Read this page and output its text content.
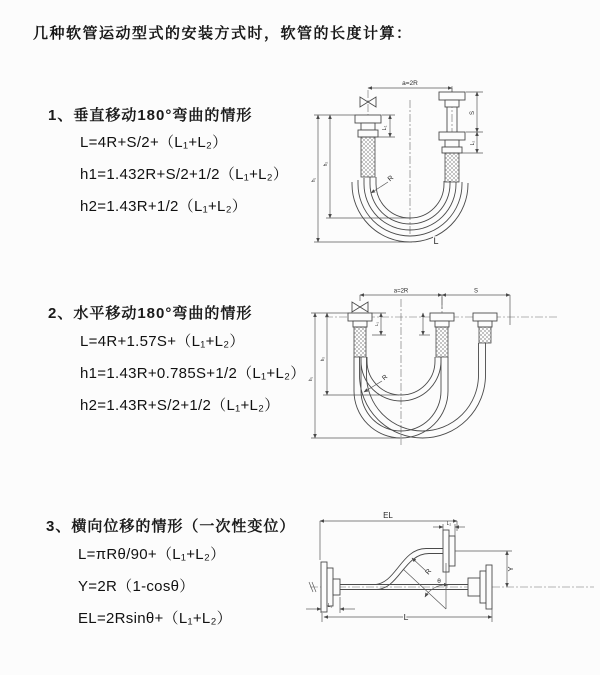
几种软管运动型式的安装方式时，软管的长度计算：
1、垂直移动180°弯曲的情形
L=4R+S/2+（L₁+L₂）
h1=1.432R+S/2+1/2（L₁+L₂）
h2=1.43R+1/2（L₁+L₂）
2、水平移动180°弯曲的情形
L=4R+1.57S+（L₁+L₂）
h1=1.43R+0.785S+1/2（L₁+L₂）
h2=1.43R+S/2+1/2（L₁+L₂）
3、横向位移的情形（一次性变位）
L=πRθ/90+（L₁+L₂）
Y=2R（1-cosθ）
EL=2Rsinθ+（L₁+L₂）
a=2R
L₁
S
L₂
h₂
h₁	R
L
a=2R	S
L₁
h₂
h₁	R
EL
L₂
θ
R	Y
L
L₁
